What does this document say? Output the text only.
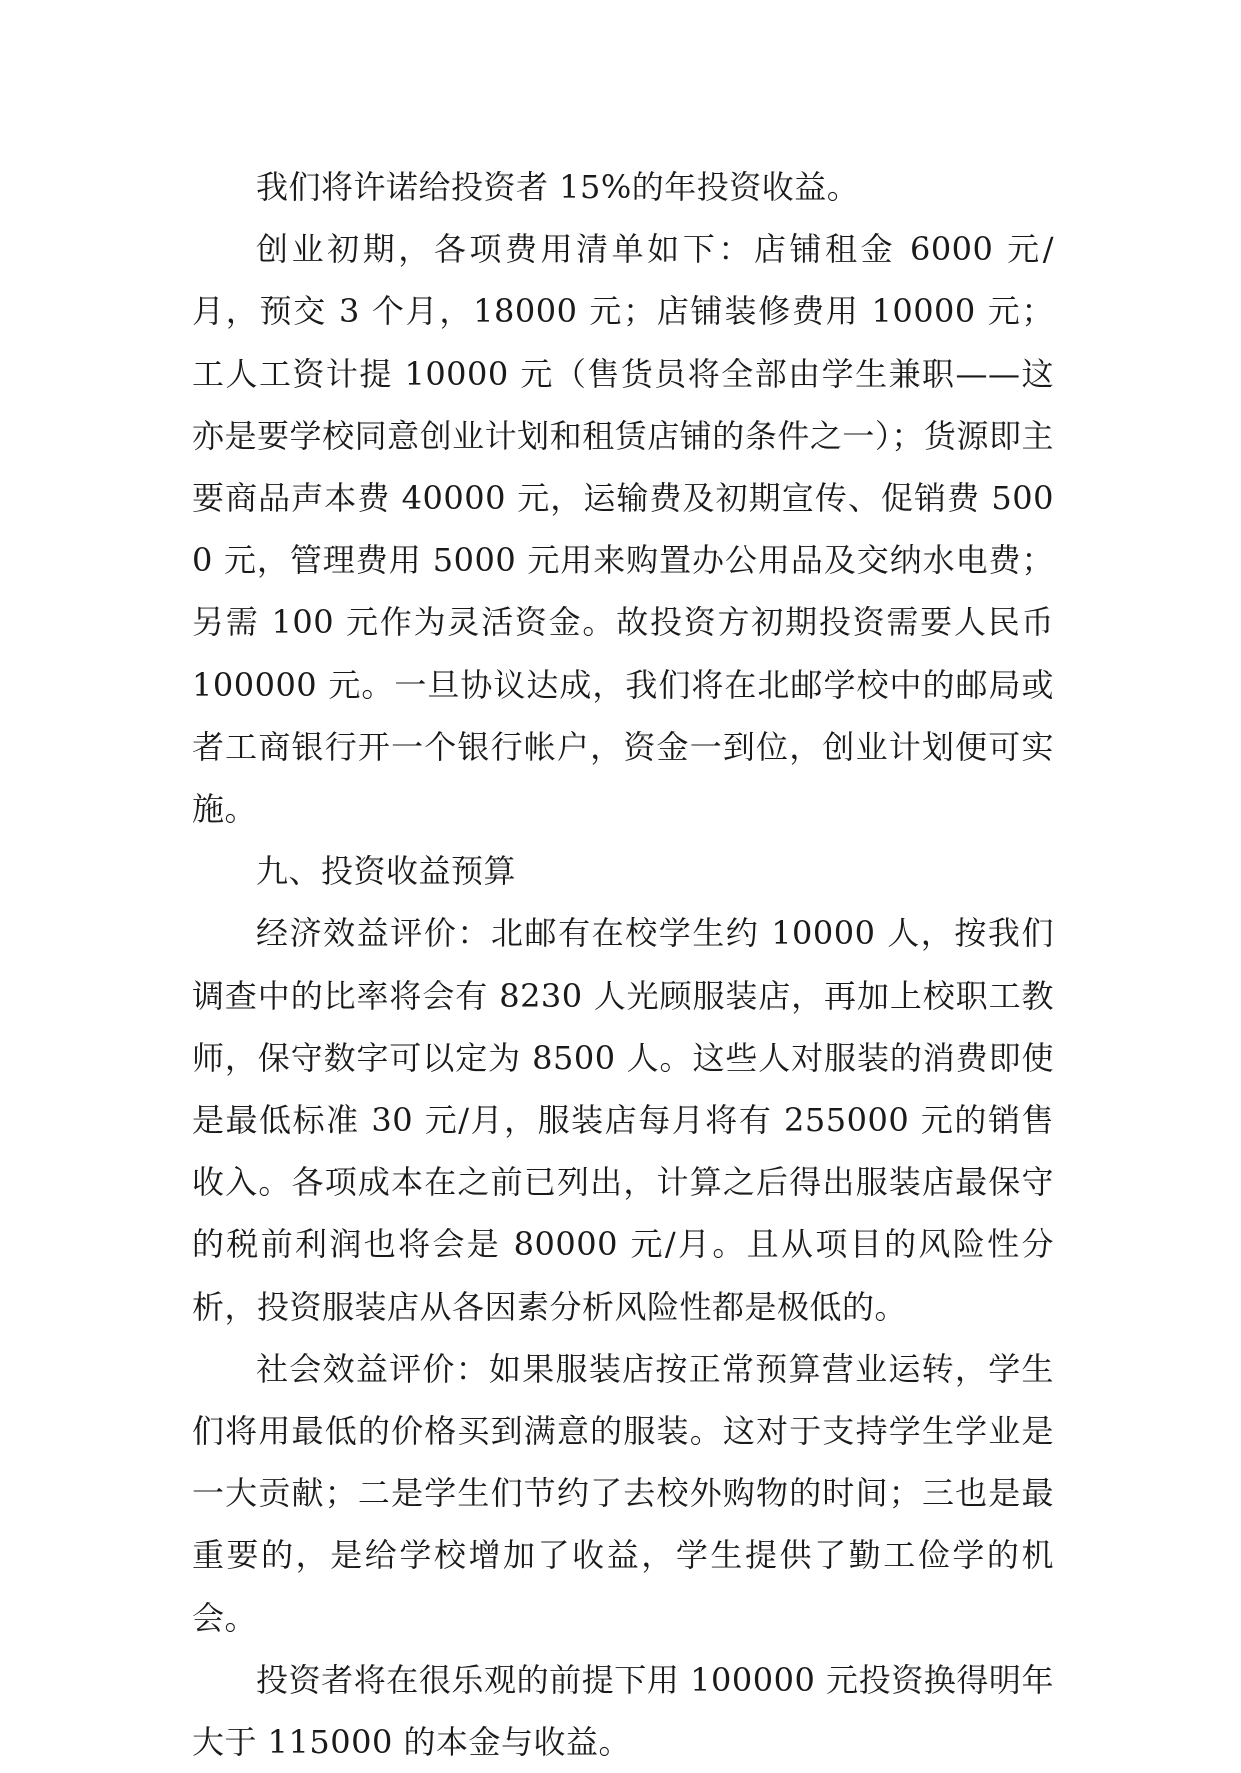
我们将许诺给投资者 15%的年投资收益。

创业初期，各项费用清单如下：店铺租金 6000 元/月，预交 3 个月，18000 元；店铺装修费用 10000 元；工人工资计提 10000 元（售货员将全部由学生兼职——这亦是要学校同意创业计划和租赁店铺的条件之一）；货源即主要商品声本费 40000 元，运输费及初期宣传、促销费 5000 元，管理费用 5000 元用来购置办公用品及交纳水电费；另需 100 元作为灵活资金。故投资方初期投资需要人民币 100000 元。一旦协议达成，我们将在北邮学校中的邮局或者工商银行开一个银行帐户，资金一到位，创业计划便可实施。

九、投资收益预算

经济效益评价：北邮有在校学生约 10000 人，按我们调查中的比率将会有 8230 人光顾服装店，再加上校职工教师，保守数字可以定为 8500 人。这些人对服装的消费即使是最低标准 30 元/月，服装店每月将有 255000 元的销售收入。各项成本在之前已列出，计算之后得出服装店最保守的税前利润也将会是 80000 元/月。且从项目的风险性分析，投资服装店从各因素分析风险性都是极低的。

社会效益评价：如果服装店按正常预算营业运转，学生们将用最低的价格买到满意的服装。这对于支持学生学业是一大贡献；二是学生们节约了去校外购物的时间；三也是最重要的，是给学校增加了收益，学生提供了勤工俭学的机会。

投资者将在很乐观的前提下用 100000 元投资换得明年大于 115000 的本金与收益。
